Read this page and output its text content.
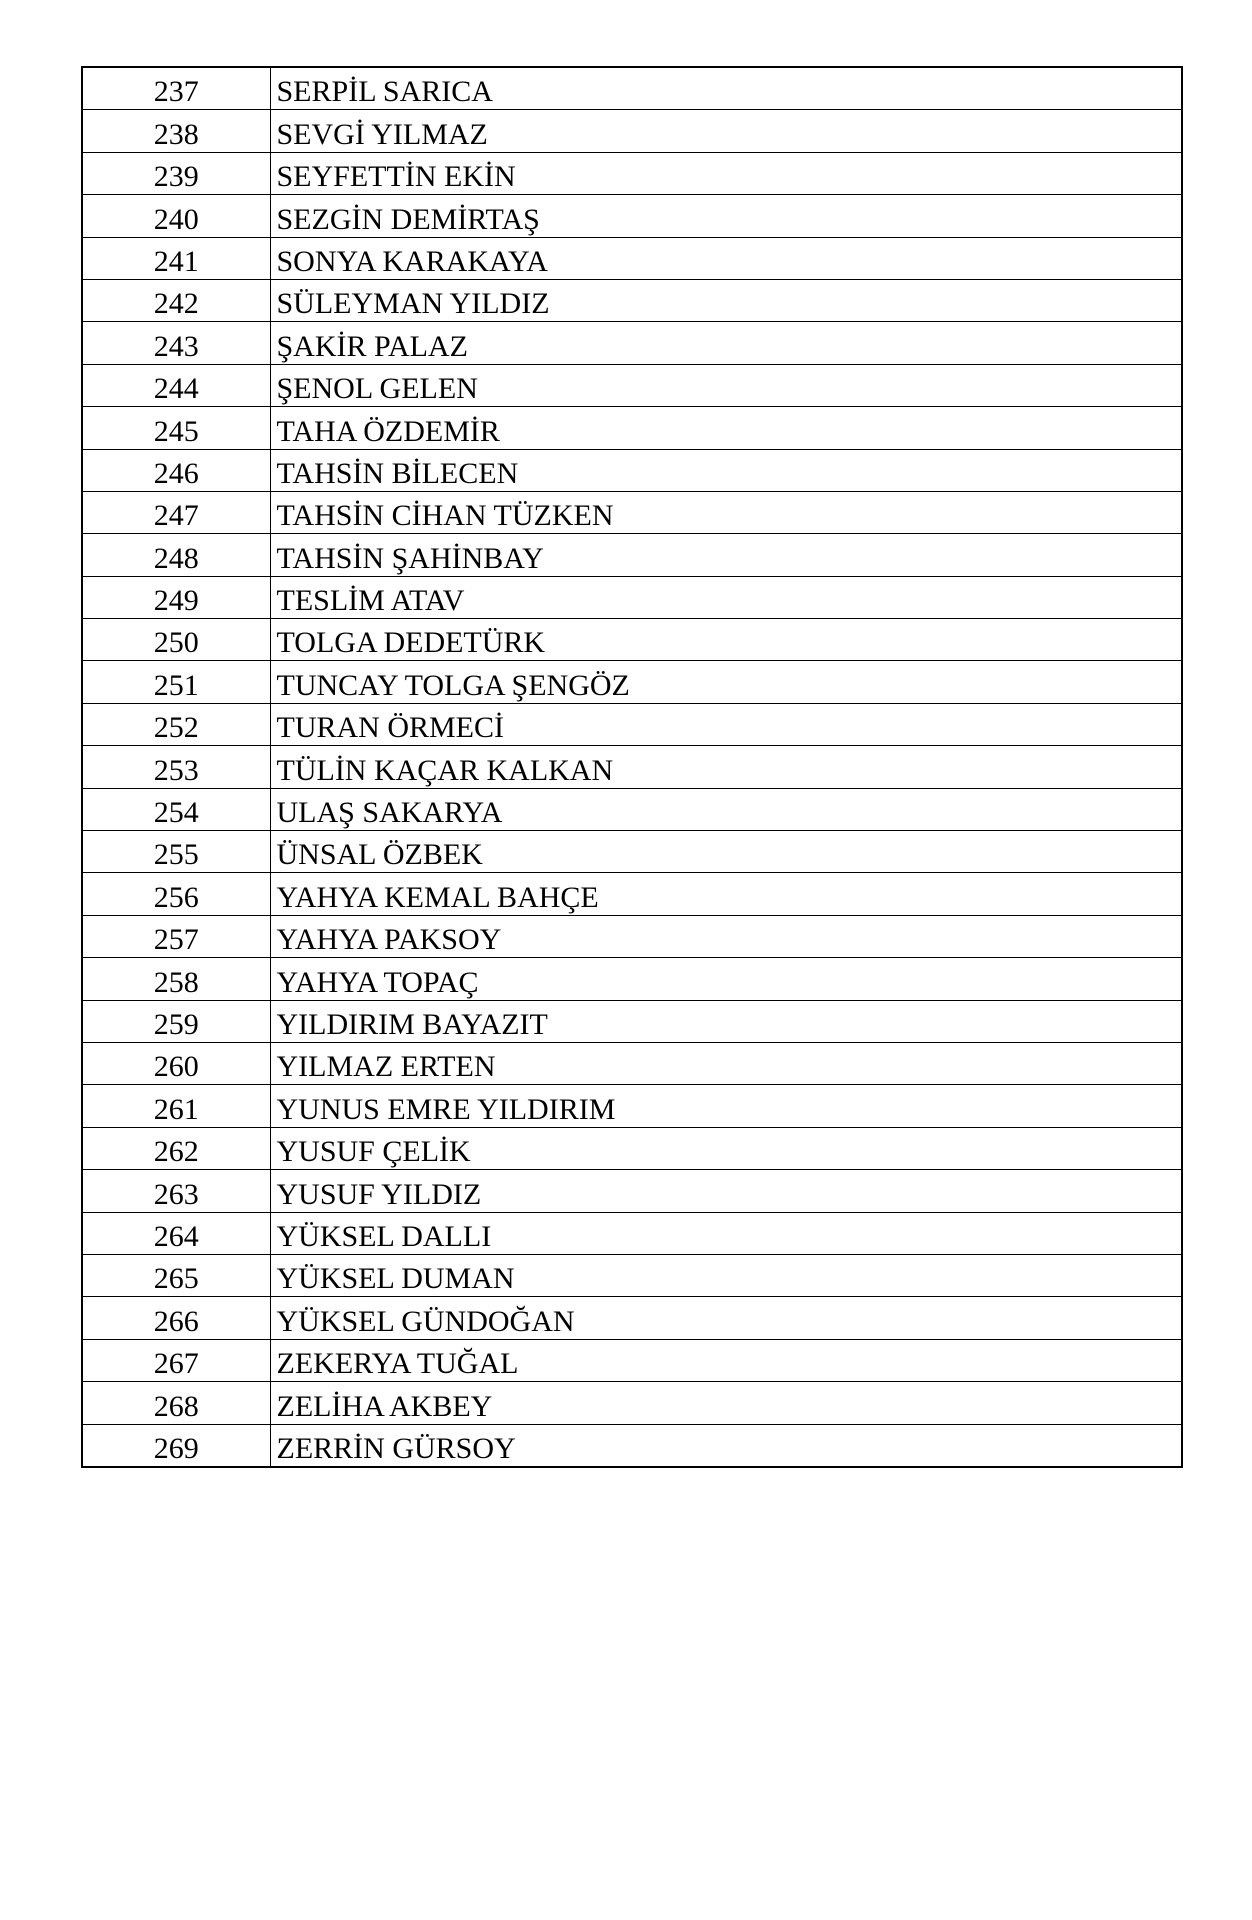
237	SERPİL SARICA
238	SEVGİ YILMAZ
239	SEYFETTİN EKİN
240	SEZGİN DEMİRTAŞ
241	SONYA KARAKAYA
242	SÜLEYMAN YILDIZ
243	ŞAKİR PALAZ
244	ŞENOL GELEN
245	TAHA ÖZDEMİR
246	TAHSİN BİLECEN
247	TAHSİN CİHAN TÜZKEN
248	TAHSİN ŞAHİNBAY
249	TESLİM ATAV
250	TOLGA DEDETÜRK
251	TUNCAY TOLGA ŞENGÖZ
252	TURAN ÖRMECİ
253	TÜLİN KAÇAR KALKAN
254	ULAŞ SAKARYA
255	ÜNSAL ÖZBEK
256	YAHYA KEMAL BAHÇE
257	YAHYA PAKSOY
258	YAHYA TOPAÇ
259	YILDIRIM BAYAZIT
260	YILMAZ ERTEN
261	YUNUS EMRE YILDIRIM
262	YUSUF ÇELİK
263	YUSUF YILDIZ
264	YÜKSEL DALLI
265	YÜKSEL DUMAN
266	YÜKSEL GÜNDOĞAN
267	ZEKERYA TUĞAL
268	ZELİHA AKBEY
269	ZERRİN GÜRSOY
